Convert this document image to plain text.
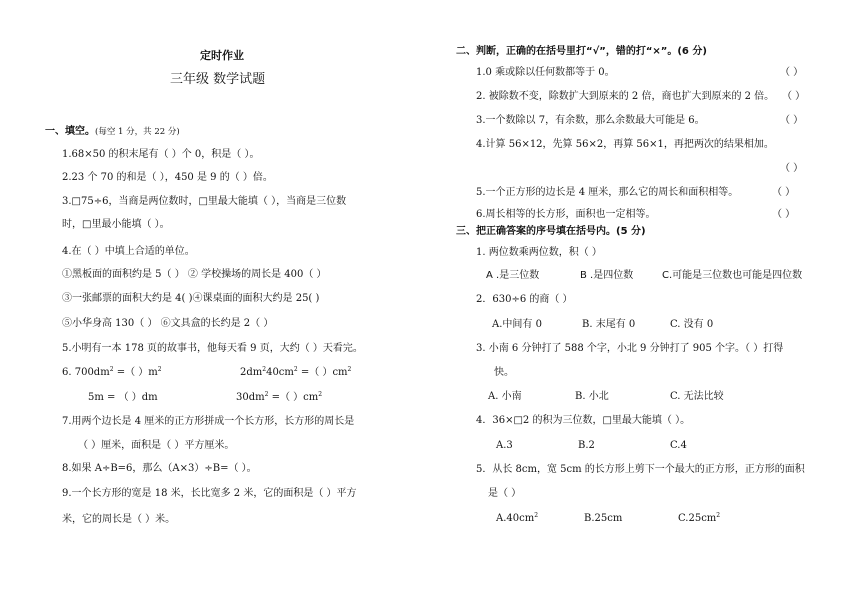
定时作业
三年级 数学试题
一、填空。(每空 1 分，共 22 分)
1.68×50 的积末尾有（ ）个 0，积是（ ）。
2.23 个 70 的和是（ ），450 是 9 的（ ）倍。
3.□75÷6，当商是两位数时，□里最大能填（ ），当商是三位数
时，□里最小能填（ ）。
4.在（ ）中填上合适的单位。
①黑板面的面积约是 5（ ） ② 学校操场的周长是 400（ ）
③一张邮票的面积大约是 4( )④课桌面的面积大约是 25( )
⑤小华身高 130（ ） ⑥文具盒的长约是 2（ ）
5.小明有一本 178 页的故事书，他每天看 9 页，大约（ ）天看完。
6. $700dm^2$ =（ ）$m^2$	$2dm^240cm^2$ =（ ）$cm^2$
5m = （ ）dm	$30dm^2$ =（ ）$cm^2$
7.用两个边长是 4 厘米的正方形拼成一个长方形，长方形的周长是
（ ）厘米，面积是（ ）平方厘米。
8.如果 A÷B=6，那么（A×3）÷B=（ ）。
9.一个长方形的宽是 18 米，长比宽多 2 米，它的面积是（ ）平方
米，它的周长是（ ）米。
二、判断，正确的在括号里打“√”，错的打“×”。(6 分)
1.0 乘或除以任何数都等于 0。	（ ）
2. 被除数不变，除数扩大到原来的 2 倍，商也扩大到原来的 2 倍。 （ ）
3.一个数除以 7，有余数，那么余数最大可能是 6。	（ ）
4.计算 56×12，先算 56×2，再算 56×1，再把两次的结果相加。
（ ）
5.一个正方形的边长是 4 厘米，那么它的周长和面积相等。	（ ）
6.周长相等的长方形，面积也一定相等。	（ ）
三、把正确答案的序号填在括号内。(5 分)
1. 两位数乘两位数，积（ ）
A .是三位数	B .是四位数	C.可能是三位数也可能是四位数
2．630÷6 的商（ ）
A.中间有 0	B. 末尾有 0	C. 没有 0
3. 小南 6 分钟打了 588 个字，小北 9 分钟打了 905 个字。（ ）打得
快。
A. 小南	B. 小北	C. 无法比较
4．36×□2 的积为三位数，□里最大能填（ ）。
A.3	B.2	C.4
5．从长 8cm，宽 5cm 的长方形上剪下一个最大的正方形，正方形的面积
是（ ）
$A.40cm^2$	B.25cm	$C.25cm^2$
